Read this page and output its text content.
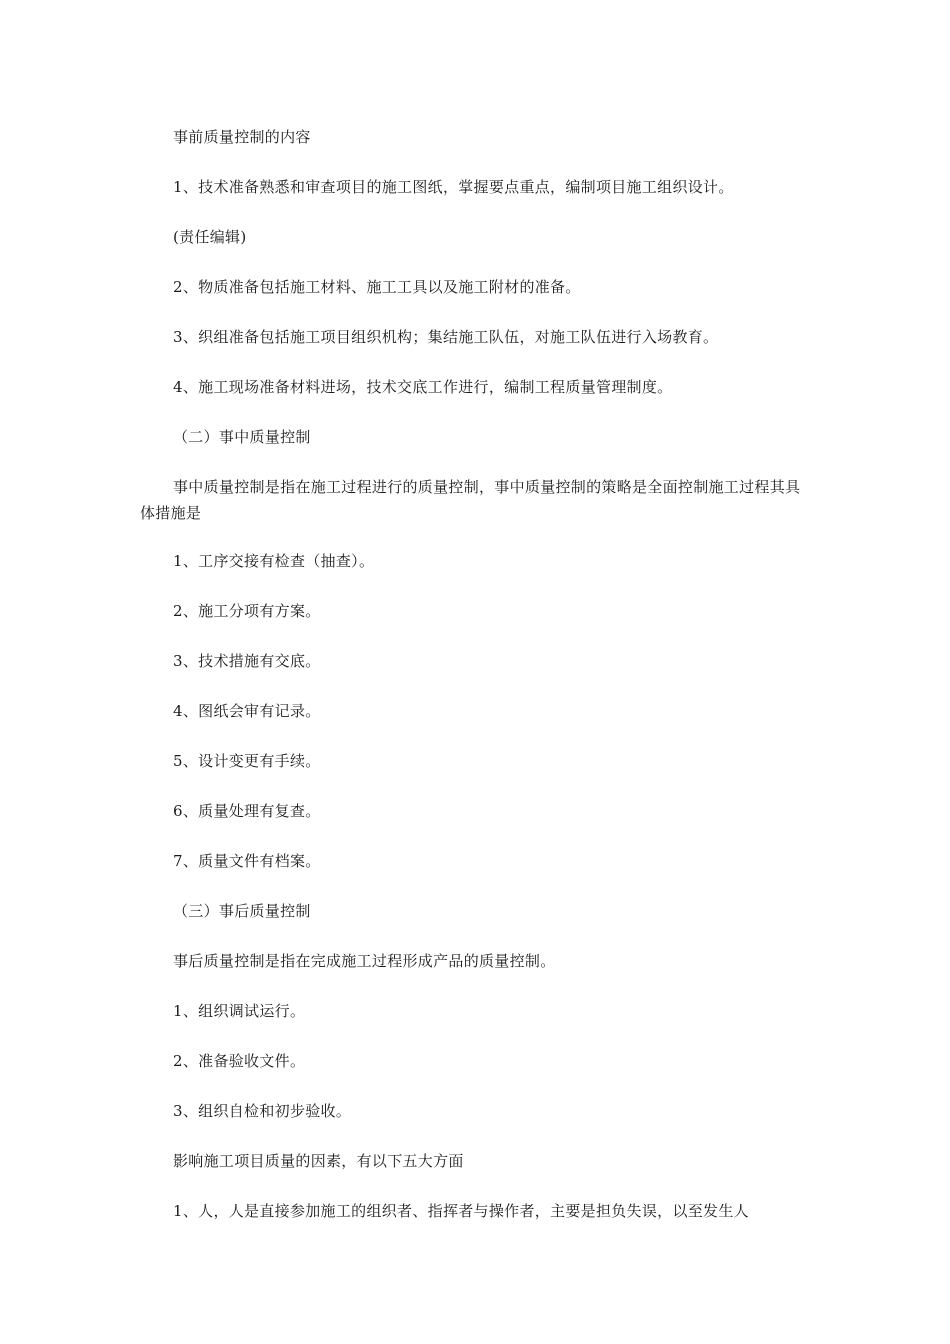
事前质量控制的内容

1、技术准备熟悉和审查项目的施工图纸，掌握要点重点，编制项目施工组织设计。

(责任编辑)

2、物质准备包括施工材料、施工工具以及施工附材的准备。

3、织组准备包括施工项目组织机构；集结施工队伍，对施工队伍进行入场教育。

4、施工现场准备材料进场，技术交底工作进行，编制工程质量管理制度。

（二）事中质量控制

事中质量控制是指在施工过程进行的质量控制，事中质量控制的策略是全面控制施工过程其具体措施是

1、工序交接有检查（抽查）。

2、施工分项有方案。

3、技术措施有交底。

4、图纸会审有记录。

5、设计变更有手续。

6、质量处理有复查。

7、质量文件有档案。

（三）事后质量控制

事后质量控制是指在完成施工过程形成产品的质量控制。

1、组织调试运行。

2、准备验收文件。

3、组织自检和初步验收。

影响施工项目质量的因素，有以下五大方面

1、人，人是直接参加施工的组织者、指挥者与操作者，主要是担负失误，以至发生人
